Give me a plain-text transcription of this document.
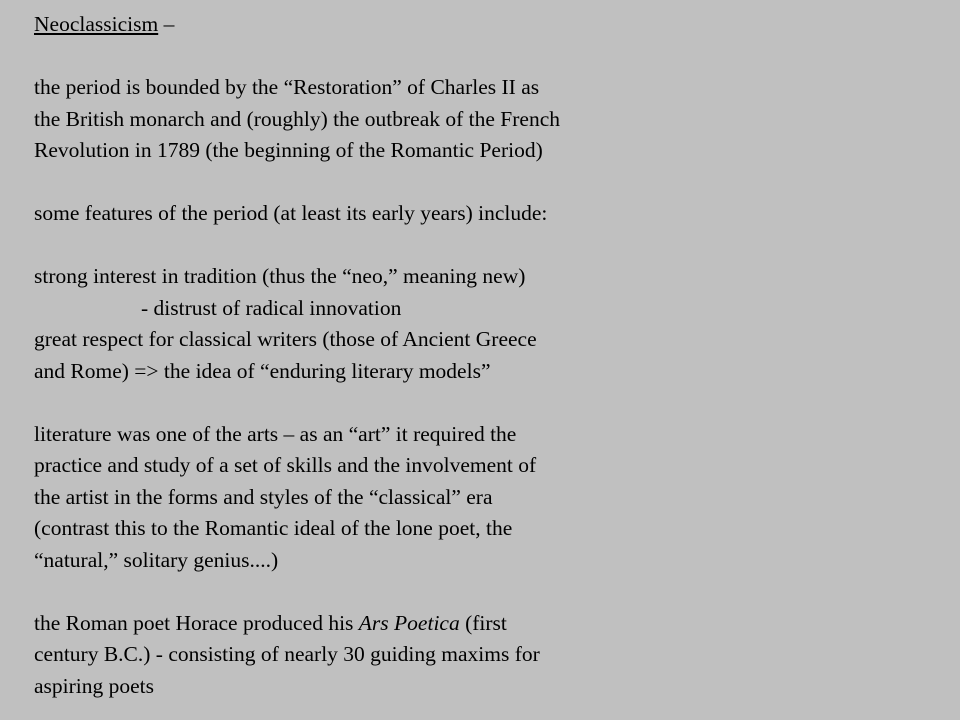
Neoclassicism –
the period is bounded by the “Restoration” of Charles II as
the British monarch and (roughly) the outbreak of the French
Revolution in 1789 (the beginning of the Romantic Period)
some features of the period (at least its early years) include:
strong interest in tradition (thus the “neo,” meaning new)
- distrust of radical innovation
great respect for classical writers (those of Ancient Greece
and Rome) => the idea of “enduring literary models”
literature was one of the arts – as an “art” it required the
practice and study of a set of skills and the involvement of
the artist in the forms and styles of the “classical” era
(contrast this to the Romantic ideal of the lone poet, the
“natural,” solitary genius....)
the Roman poet Horace produced his Ars Poetica (first
century B.C.) - consisting of nearly 30 guiding maxims for
aspiring poets
